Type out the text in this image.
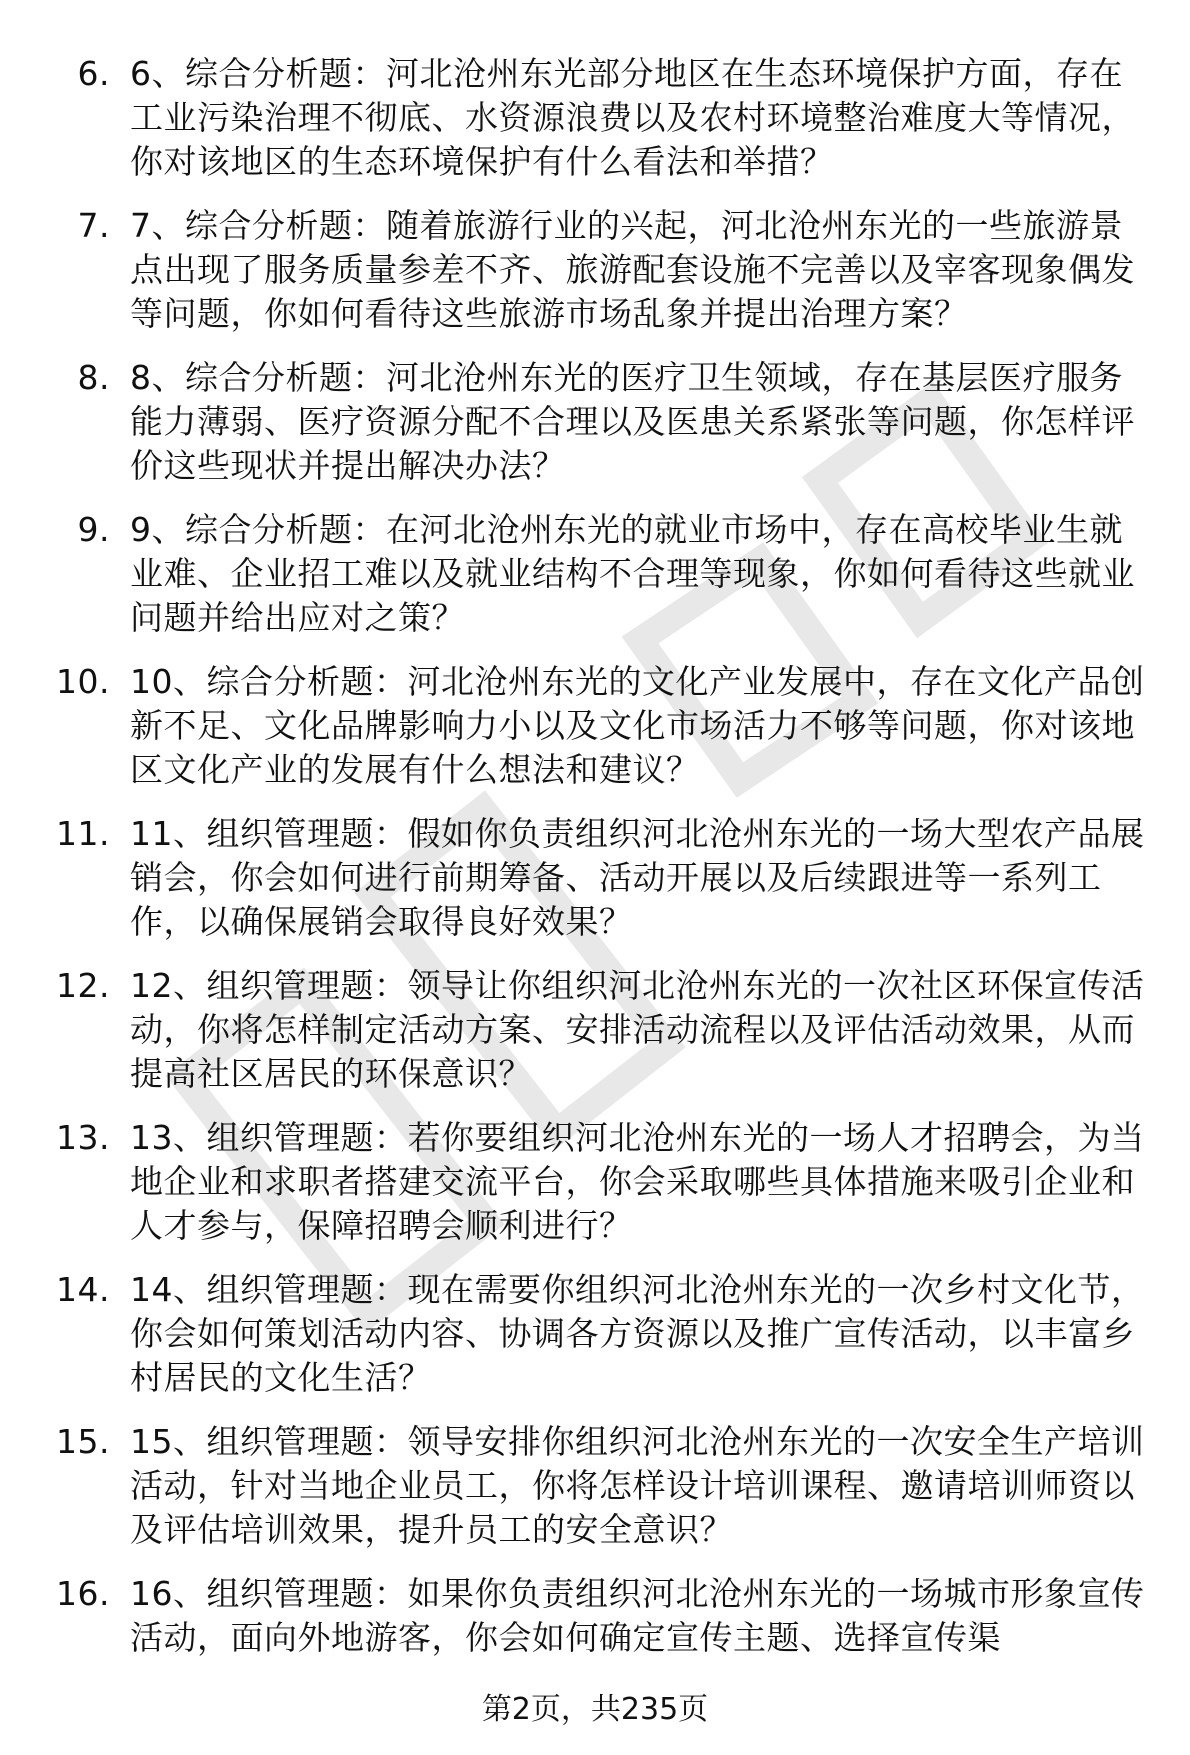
6. 6、综合分析题：河北沧州东光部分地区在生态环境保护方面，存在工业污染治理不彻底、水资源浪费以及农村环境整治难度大等情况，你对该地区的生态环境保护有什么看法和举措？
7. 7、综合分析题：随着旅游行业的兴起，河北沧州东光的一些旅游景点出现了服务质量参差不齐、旅游配套设施不完善以及宰客现象偶发等问题，你如何看待这些旅游市场乱象并提出治理方案？
8. 8、综合分析题：河北沧州东光的医疗卫生领域，存在基层医疗服务能力薄弱、医疗资源分配不合理以及医患关系紧张等问题，你怎样评价这些现状并提出解决办法？
9. 9、综合分析题：在河北沧州东光的就业市场中，存在高校毕业生就业难、企业招工难以及就业结构不合理等现象，你如何看待这些就业问题并给出应对之策？
10. 10、综合分析题：河北沧州东光的文化产业发展中，存在文化产品创新不足、文化品牌影响力小以及文化市场活力不够等问题，你对该地区文化产业的发展有什么想法和建议？
11. 11、组织管理题：假如你负责组织河北沧州东光的一场大型农产品展销会，你会如何进行前期筹备、活动开展以及后续跟进等一系列工作，以确保展销会取得良好效果？
12. 12、组织管理题：领导让你组织河北沧州东光的一次社区环保宣传活动，你将怎样制定活动方案、安排活动流程以及评估活动效果，从而提高社区居民的环保意识？
13. 13、组织管理题：若你要组织河北沧州东光的一场人才招聘会，为当地企业和求职者搭建交流平台，你会采取哪些具体措施来吸引企业和人才参与，保障招聘会顺利进行？
14. 14、组织管理题：现在需要你组织河北沧州东光的一次乡村文化节，你会如何策划活动内容、协调各方资源以及推广宣传活动，以丰富乡村居民的文化生活？
15. 15、组织管理题：领导安排你组织河北沧州东光的一次安全生产培训活动，针对当地企业员工，你将怎样设计培训课程、邀请培训师资以及评估培训效果，提升员工的安全意识？
16. 16、组织管理题：如果你负责组织河北沧州东光的一场城市形象宣传活动，面向外地游客，你会如何确定宣传主题、选择宣传渠
第2页，共235页
